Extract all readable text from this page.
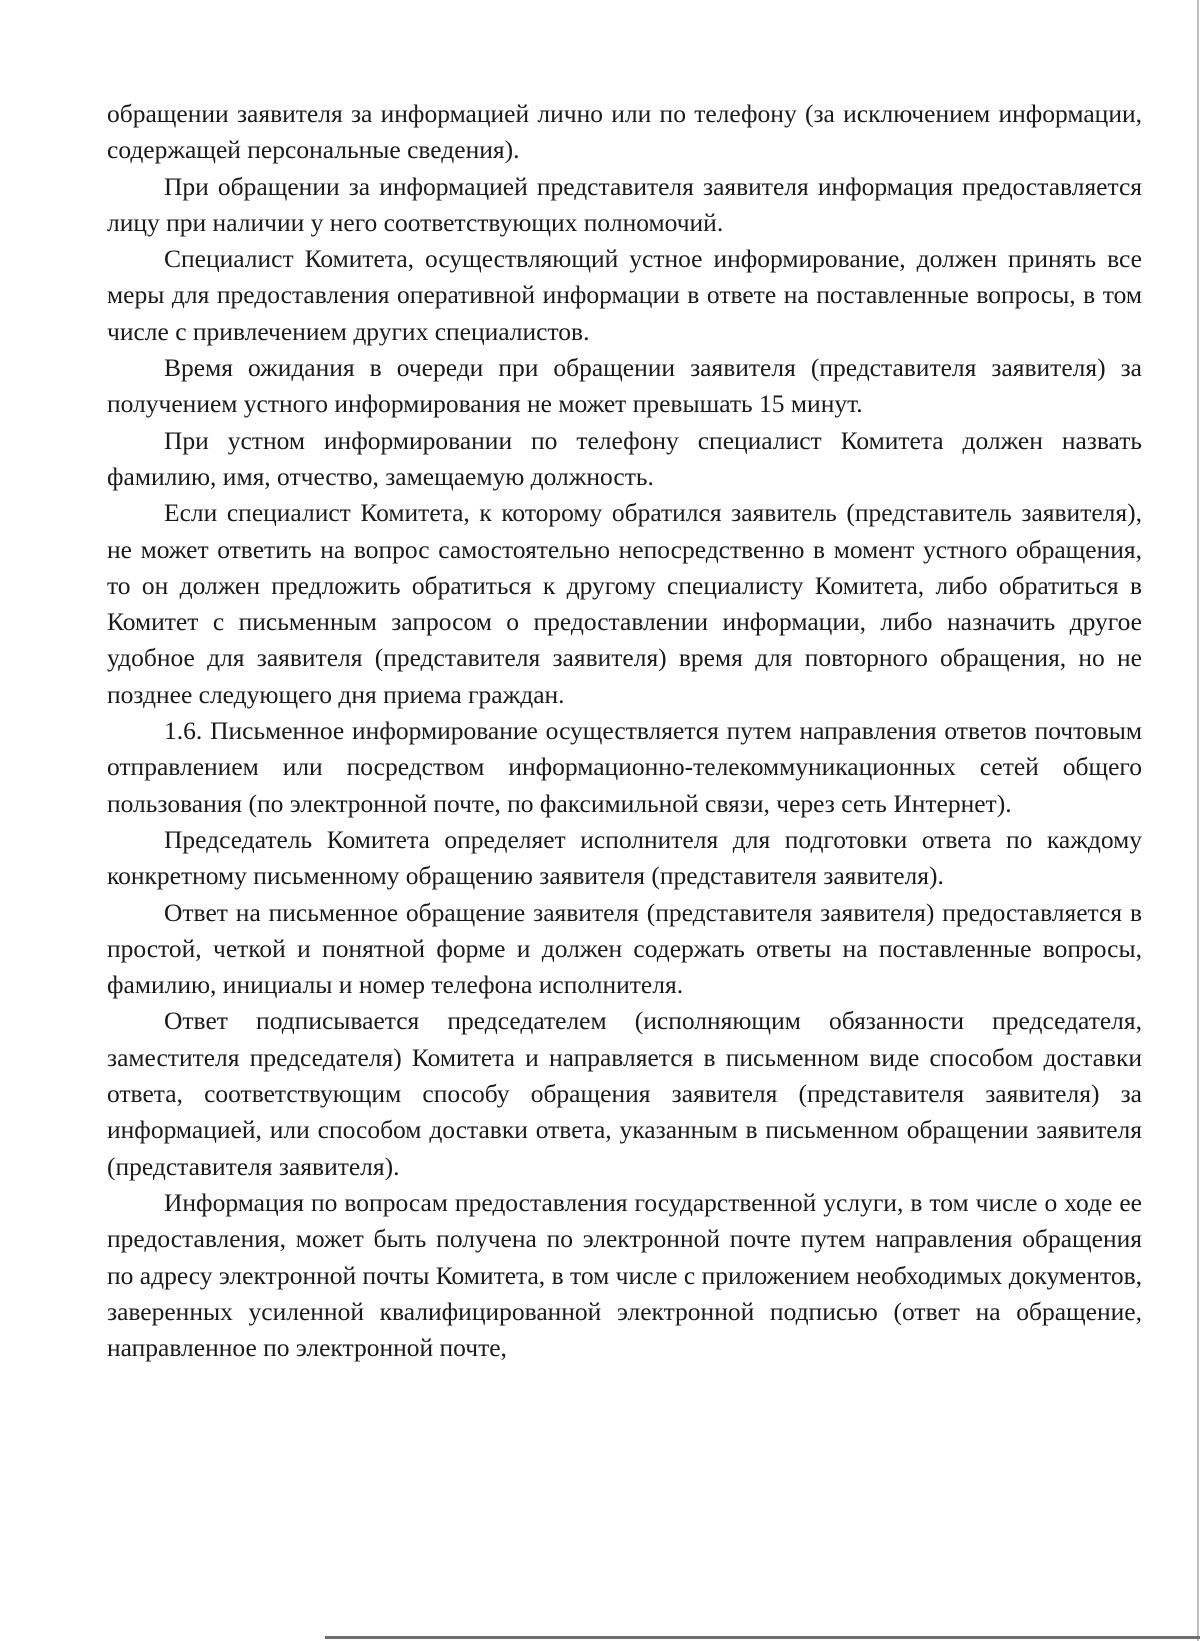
обращении заявителя за информацией лично или по телефону (за исключением информации, содержащей персональные сведения).

При обращении за информацией представителя заявителя информация предоставляется лицу при наличии у него соответствующих полномочий.

Специалист Комитета, осуществляющий устное информирование, должен принять все меры для предоставления оперативной информации в ответе на поставленные вопросы, в том числе с привлечением других специалистов.

Время ожидания в очереди при обращении заявителя (представителя заявителя) за получением устного информирования не может превышать 15 минут.

При устном информировании по телефону специалист Комитета должен назвать фамилию, имя, отчество, замещаемую должность.

Если специалист Комитета, к которому обратился заявитель (представитель заявителя), не может ответить на вопрос самостоятельно непосредственно в момент устного обращения, то он должен предложить обратиться к другому специалисту Комитета, либо обратиться в Комитет с письменным запросом о предоставлении информации, либо назначить другое удобное для заявителя (представителя заявителя) время для повторного обращения, но не позднее следующего дня приема граждан.

1.6. Письменное информирование осуществляется путем направления ответов почтовым отправлением или посредством информационно-телекоммуникационных сетей общего пользования (по электронной почте, по факсимильной связи, через сеть Интернет).

Председатель Комитета определяет исполнителя для подготовки ответа по каждому конкретному письменному обращению заявителя (представителя заявителя).

Ответ на письменное обращение заявителя (представителя заявителя) предоставляется в простой, четкой и понятной форме и должен содержать ответы на поставленные вопросы, фамилию, инициалы и номер телефона исполнителя.

Ответ подписывается председателем (исполняющим обязанности председателя, заместителя председателя) Комитета и направляется в письменном виде способом доставки ответа, соответствующим способу обращения заявителя (представителя заявителя) за информацией, или способом доставки ответа, указанным в письменном обращении заявителя (представителя заявителя).

Информация по вопросам предоставления государственной услуги, в том числе о ходе ее предоставления, может быть получена по электронной почте путем направления обращения по адресу электронной почты Комитета, в том числе с приложением необходимых документов, заверенных усиленной квалифицированной электронной подписью (ответ на обращение, направленное по электронной почте,
